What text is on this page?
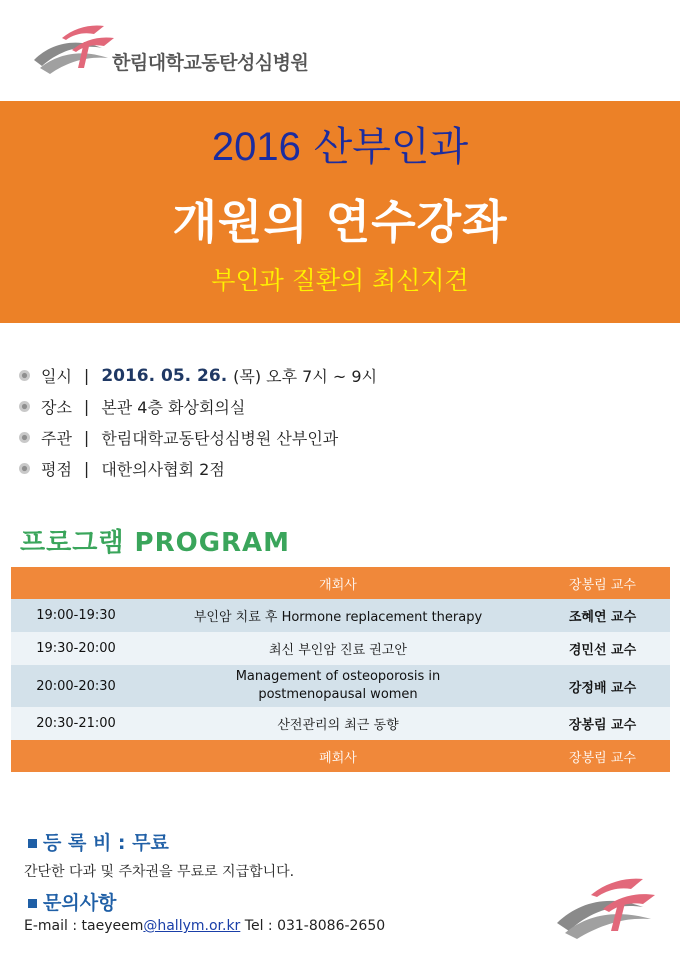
한림대학교동탄성심병원
2016 산부인과
개원의 연수강좌
부인과 질환의 최신지견
일시 | 2016. 05. 26. (목) 오후 7시 ~ 9시
장소 | 본관 4층 화상회의실
주관 | 한림대학교동탄성심병원 산부인과
평점 | 대한의사협회 2점
프로그램 PROGRAM
	개회사	장봉림 교수
19:00-19:30	부인암 치료 후 Hormone replacement therapy	조혜연 교수
19:30-20:00	최신 부인암 진료 권고안	경민선 교수
20:00-20:30	Management of osteoporosis in
postmenopausal women	강정배 교수
20:30-21:00	산전관리의 최근 동향	장봉림 교수
	폐회사	장봉림 교수
등 록 비 : 무료
간단한 다과 및 주차권을 무료로 지급합니다.
문의사항
E-mail : taeyeem@hallym.or.kr Tel : 031-8086-2650
